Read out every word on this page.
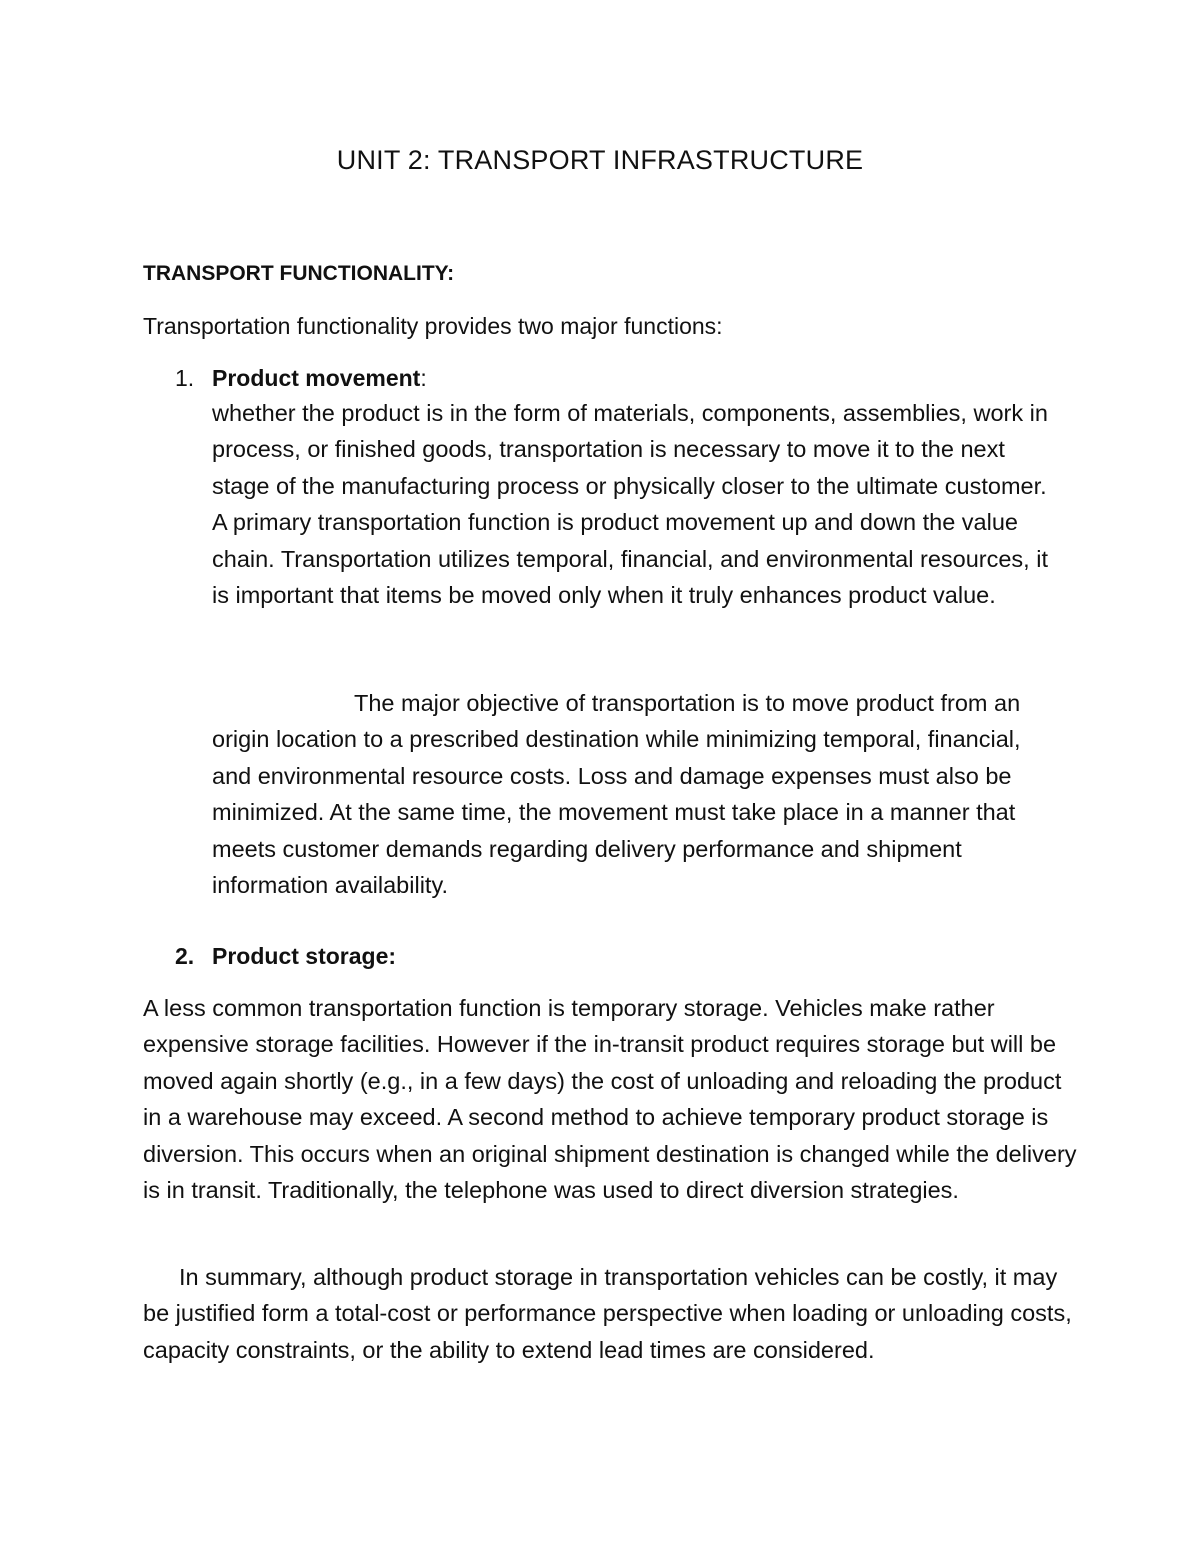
UNIT 2: TRANSPORT INFRASTRUCTURE
TRANSPORT FUNCTIONALITY:
Transportation functionality provides two major functions:
1. Product movement:
whether the product is in the form of materials, components, assemblies, work in process, or finished goods, transportation is necessary to move it to the next stage of the manufacturing process or physically closer to the ultimate customer. A primary transportation function is product movement up and down the value chain. Transportation utilizes temporal, financial, and environmental resources, it is important that items be moved only when it truly enhances product value.
The major objective of transportation is to move product from an origin location to a prescribed destination while minimizing temporal, financial, and environmental resource costs. Loss and damage expenses must also be minimized. At the same time, the movement must take place in a manner that meets customer demands regarding delivery performance and shipment information availability.
2. Product storage:
A less common transportation function is temporary storage. Vehicles make rather expensive storage facilities. However if the in-transit product requires storage but will be moved again shortly (e.g., in a few days) the cost of unloading and reloading the product in a warehouse may exceed. A second method to achieve temporary product storage is diversion. This occurs when an original shipment destination is changed while the delivery is in transit. Traditionally, the telephone was used to direct diversion strategies.
In summary, although product storage in transportation vehicles can be costly, it may be justified form a total-cost or performance perspective when loading or unloading costs, capacity constraints, or the ability to extend lead times are considered.
